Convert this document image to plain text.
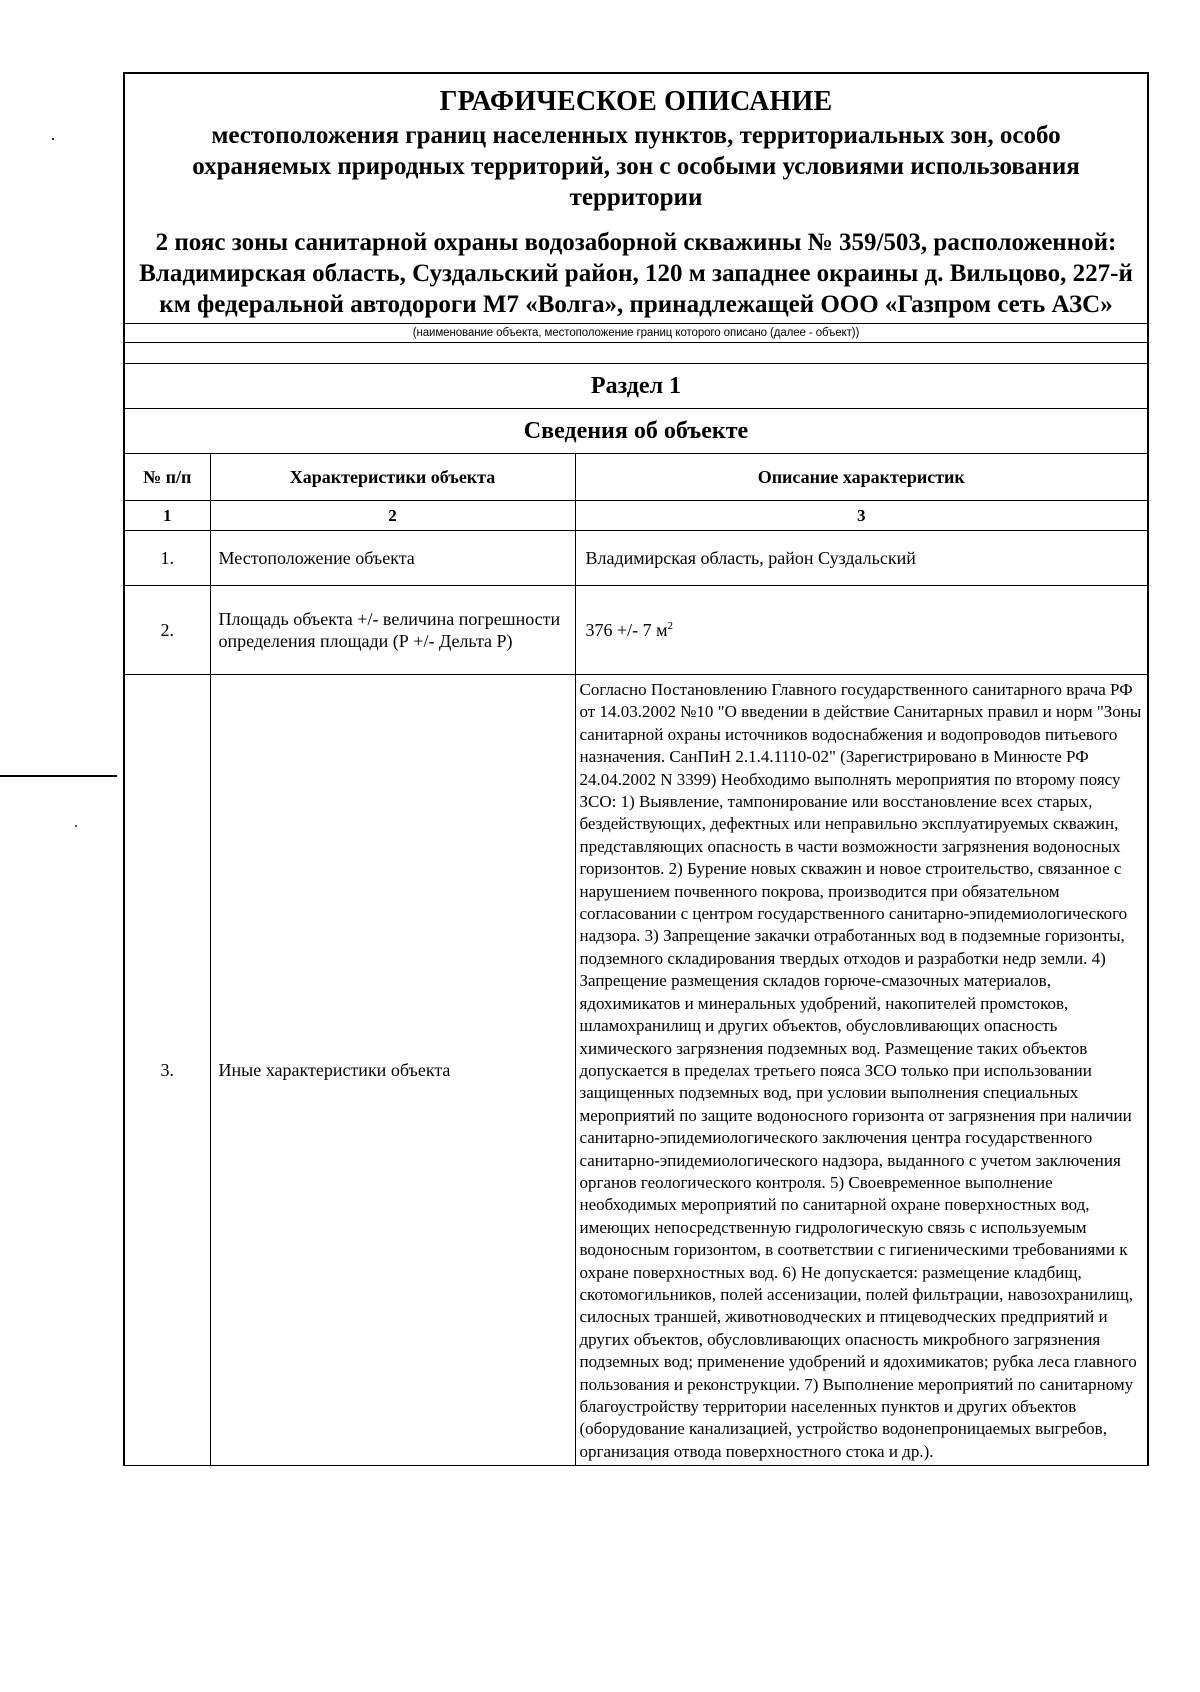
ГРАФИЧЕСКОЕ ОПИСАНИЕ
местоположения границ населенных пунктов, территориальных зон, особо охраняемых природных территорий, зон с особыми условиями использования территории
2 пояс зоны санитарной охраны водозаборной скважины № 359/503, расположенной: Владимирская область, Суздальский район, 120 м западнее окраины д. Вильцово, 227-й км федеральной автодороги М7 «Волга», принадлежащей ООО «Газпром сеть АЗС»
(наименование объекта, местоположение границ которого описано (далее - объект))
Раздел 1
Сведения об объекте
№ п/п	Характеристики объекта	Описание характеристик
1	2	3
1.	Местоположение объекта	Владимирская область, район Суздальский
2.	Площадь объекта +/- величина погрешности определения площади (Р +/- Дельта Р)	376 +/- 7 $м^2$
3.	Иные характеристики объекта	Согласно Постановлению Главного государственного санитарного врача РФ от 14.03.2002 №10 "О введении в действие Санитарных правил и норм "Зоны санитарной охраны источников водоснабжения и водопроводов питьевого назначения. СанПиН 2.1.4.1110-02" (Зарегистрировано в Минюсте РФ 24.04.2002 N 3399) Необходимо выполнять мероприятия по второму поясу ЗСО: 1) Выявление, тампонирование или восстановление всех старых, бездействующих, дефектных или неправильно эксплуатируемых скважин, представляющих опасность в части возможности загрязнения водоносных горизонтов. 2) Бурение новых скважин и новое строительство, связанное с нарушением почвенного покрова, производится при обязательном согласовании с центром государственного санитарно-эпидемиологического надзора. 3) Запрещение закачки отработанных вод в подземные горизонты, подземного складирования твердых отходов и разработки недр земли. 4) Запрещение размещения складов горюче-смазочных материалов, ядохимикатов и минеральных удобрений, накопителей промстоков, шламохранилищ и других объектов, обусловливающих опасность химического загрязнения подземных вод. Размещение таких объектов допускается в пределах третьего пояса ЗСО только при использовании защищенных подземных вод, при условии выполнения специальных мероприятий по защите водоносного горизонта от загрязнения при наличии санитарно-эпидемиологического заключения центра государственного санитарно-эпидемиологического надзора, выданного с учетом заключения органов геологического контроля. 5) Своевременное выполнение необходимых мероприятий по санитарной охране поверхностных вод, имеющих непосредственную гидрологическую связь с используемым водоносным горизонтом, в соответствии с гигиеническими требованиями к охране поверхностных вод. 6) Не допускается: размещение кладбищ, скотомогильников, полей ассенизации, полей фильтрации, навозохранилищ, силосных траншей, животноводческих и птицеводческих предприятий и других объектов, обусловливающих опасность микробного загрязнения подземных вод; применение удобрений и ядохимикатов; рубка леса главного пользования и реконструкции. 7) Выполнение мероприятий по санитарному благоустройству территории населенных пунктов и других объектов (оборудование канализацией, устройство водонепроницаемых выгребов, организация отвода поверхностного стока и др.).
